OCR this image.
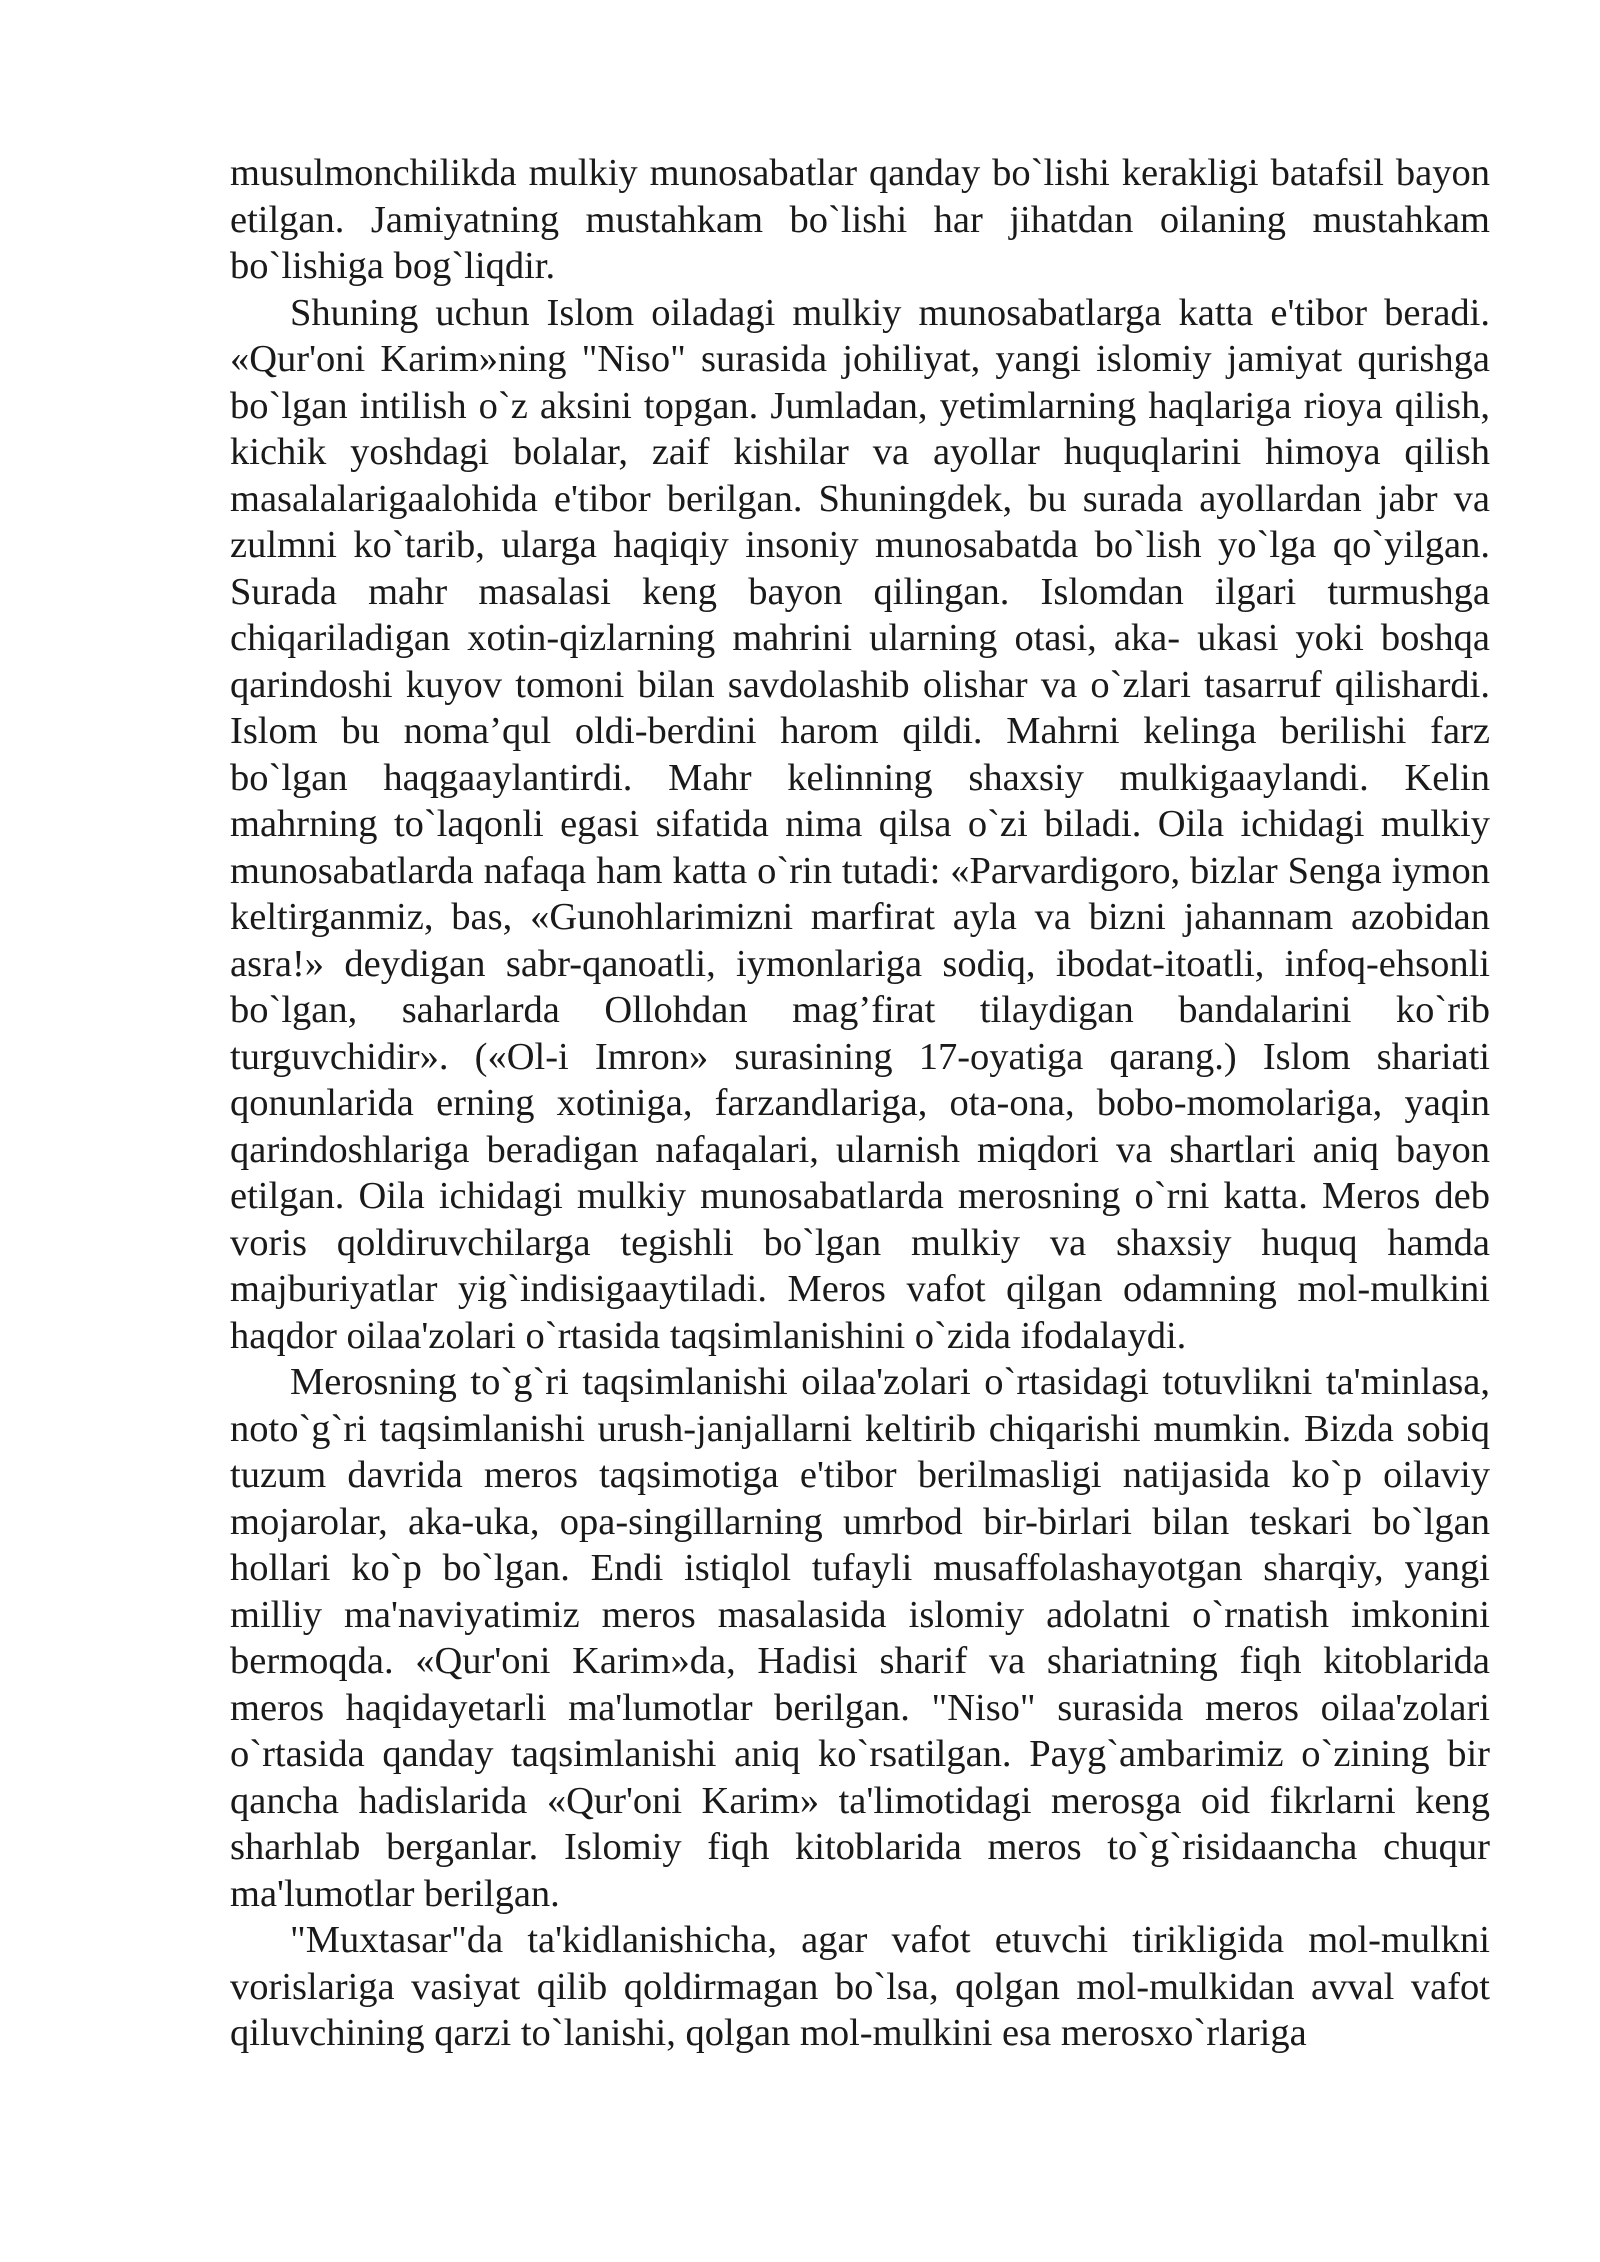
musulmonchilikda mulkiy munosabatlar qanday bo`lishi kerakligi batafsil bayon etilgan. Jamiyatning mustahkam bo`lishi har jihatdan oilaning mustahkam bo`lishiga bog`liqdir.

Shuning uchun Islom oiladagi mulkiy munosabatlarga katta e'tibor beradi. «Qur'oni Karim»ning "Niso" surasida johiliyat, yangi islomiy jamiyat qurishga bo`lgan intilish o`z aksini topgan. Jumladan, yetimlarning haqlariga rioya qilish, kichik yoshdagi bolalar, zaif kishilar va ayollar huquqlarini himoya qilish masalalarigaalohida e'tibor berilgan. Shuningdek, bu surada ayollardan jabr va zulmni ko`tarib, ularga haqiqiy insoniy munosabatda bo`lish yo`lga qo`yilgan. Surada mahr masalasi keng bayon qilingan. Islomdan ilgari turmushga chiqariladigan xotin-qizlarning mahrini ularning otasi, aka- ukasi yoki boshqa qarindoshi kuyov tomoni bilan savdolashib olishar va o`zlari tasarruf qilishardi. Islom bu noma’qul oldi-berdini harom qildi. Mahrni kelinga berilishi farz bo`lgan haqgaaylantirdi. Mahr kelinning shaxsiy mulkigaaylandi. Kelin mahrning to`laqonli egasi sifatida nima qilsa o`zi biladi. Oila ichidagi mulkiy munosabatlarda nafaqa ham katta o`rin tutadi: «Parvardigoro, bizlar Senga iymon keltirganmiz, bas, «Gunohlarimizni marfirat ayla va bizni jahannam azobidan asra!» deydigan sabr-qanoatli, iymonlariga sodiq, ibodat-itoatli, infoq-ehsonli bo`lgan, saharlarda Ollohdan mag’firat tilaydigan bandalarini ko`rib turguvchidir». («Ol-i Imron» surasining 17-oyatiga qarang.) Islom shariati qonunlarida erning xotiniga, farzandlariga, ota-ona, bobo-momolariga, yaqin qarindoshlariga beradigan nafaqalari, ularnish miqdori va shartlari aniq bayon etilgan. Oila ichidagi mulkiy munosabatlarda merosning o`rni katta. Meros deb voris qoldiruvchilarga tegishli bo`lgan mulkiy va shaxsiy huquq hamda majburiyatlar yig`indisigaaytiladi. Meros vafot qilgan odamning mol-mulkini haqdor oilaa'zolari o`rtasida taqsimlanishini o`zida ifodalaydi.

Merosning to`g`ri taqsimlanishi oilaa'zolari o`rtasidagi totuvlikni ta'minlasa, noto`g`ri taqsimlanishi urush-janjallarni keltirib chiqarishi mumkin. Bizda sobiq tuzum davrida meros taqsimotiga e'tibor berilmasligi natijasida ko`p oilaviy mojarolar, aka-uka, opa-singillarning umrbod bir-birlari bilan teskari bo`lgan hollari ko`p bo`lgan. Endi istiqlol tufayli musaffolashayotgan sharqiy, yangi milliy ma'naviyatimiz meros masalasida islomiy adolatni o`rnatish imkonini bermoqda. «Qur'oni Karim»da, Hadisi sharif va shariatning fiqh kitoblarida meros haqidayetarli ma'lumotlar berilgan. "Niso" surasida meros oilaa'zolari o`rtasida qanday taqsimlanishi aniq ko`rsatilgan. Payg`ambarimiz o`zining bir qancha hadislarida «Qur'oni Karim» ta'limotidagi merosga oid fikrlarni keng sharhlab berganlar. Islomiy fiqh kitoblarida meros to`g`risidaancha chuqur ma'lumotlar berilgan.

"Muxtasar"da ta'kidlanishicha, agar vafot etuvchi tirikligida mol-mulkni vorislariga vasiyat qilib qoldirmagan bo`lsa, qolgan mol-mulkidan avval vafot qiluvchining qarzi to`lanishi, qolgan mol-mulkini esa merosxo`rlariga
